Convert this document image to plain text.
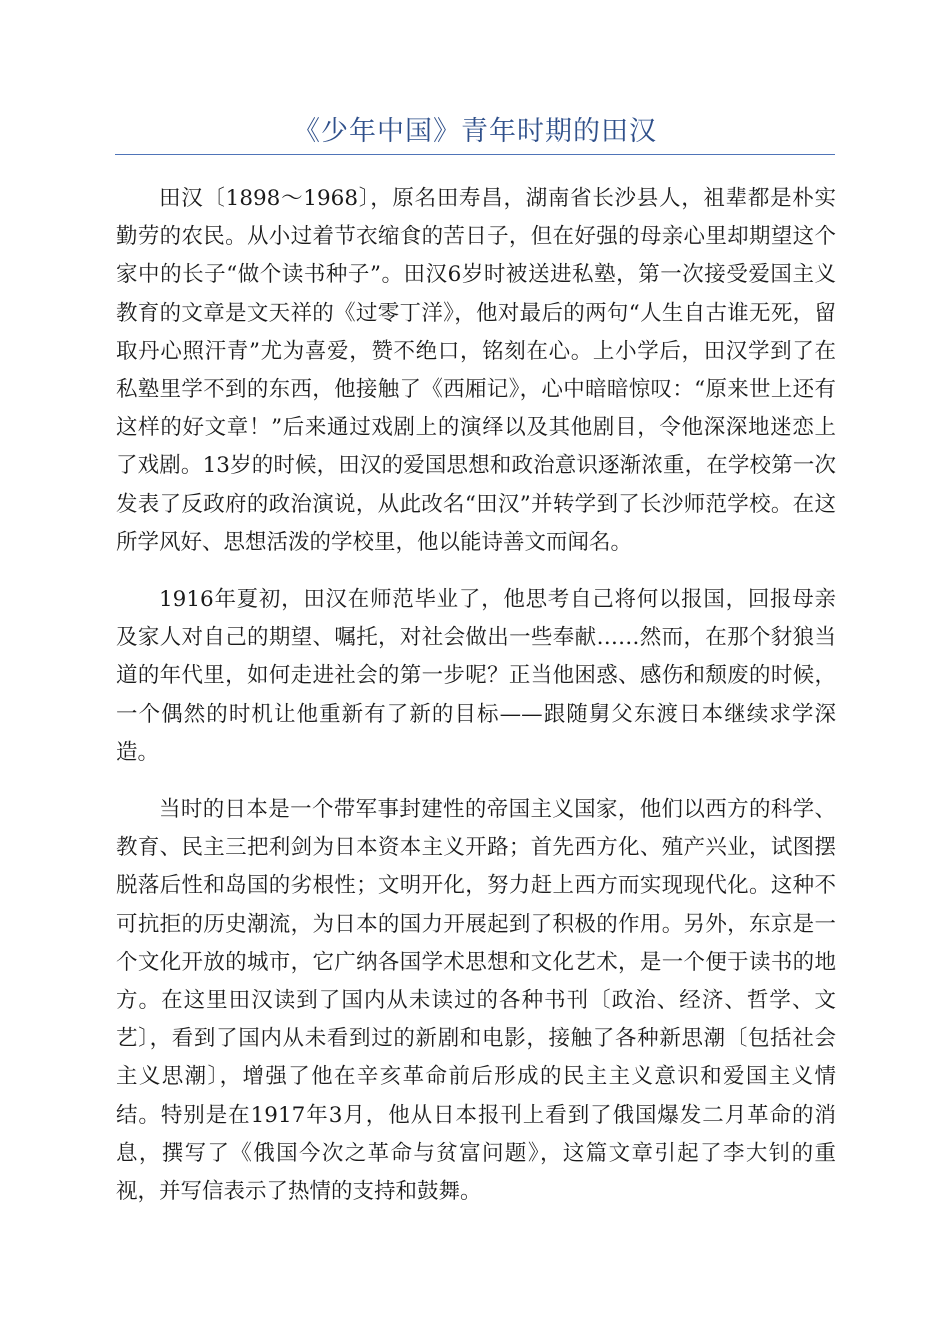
《少年中国》青年时期的田汉

田汉〔1898～1968〕，原名田寿昌，湖南省长沙县人，祖辈都是朴实勤劳的农民。从小过着节衣缩食的苦日子，但在好强的母亲心里却期望这个家中的长子“做个读书种子”。田汉6岁时被送进私塾，第一次接受爱国主义教育的文章是文天祥的《过零丁洋》，他对最后的两句“人生自古谁无死，留取丹心照汗青”尤为喜爱，赞不绝口，铭刻在心。上小学后，田汉学到了在私塾里学不到的东西，他接触了《西厢记》，心中暗暗惊叹：“原来世上还有这样的好文章！”后来通过戏剧上的演绎以及其他剧目，令他深深地迷恋上了戏剧。13岁的时候，田汉的爱国思想和政治意识逐渐浓重，在学校第一次发表了反政府的政治演说，从此改名“田汉”并转学到了长沙师范学校。在这所学风好、思想活泼的学校里，他以能诗善文而闻名。

1916年夏初，田汉在师范毕业了，他思考自己将何以报国，回报母亲及家人对自己的期望、嘱托，对社会做出一些奉献……然而，在那个豺狼当道的年代里，如何走进社会的第一步呢？正当他困惑、感伤和颓废的时候，一个偶然的时机让他重新有了新的目标——跟随舅父东渡日本继续求学深造。

当时的日本是一个带军事封建性的帝国主义国家，他们以西方的科学、教育、民主三把利剑为日本资本主义开路；首先西方化、殖产兴业，试图摆脱落后性和岛国的劣根性；文明开化，努力赶上西方而实现现代化。这种不可抗拒的历史潮流，为日本的国力开展起到了积极的作用。另外，东京是一个文化开放的城市，它广纳各国学术思想和文化艺术，是一个便于读书的地方。在这里田汉读到了国内从未读过的各种书刊〔政治、经济、哲学、文艺〕，看到了国内从未看到过的新剧和电影，接触了各种新思潮〔包括社会主义思潮〕，增强了他在辛亥革命前后形成的民主主义意识和爱国主义情结。特别是在1917年3月，他从日本报刊上看到了俄国爆发二月革命的消息，撰写了《俄国今次之革命与贫富问题》，这篇文章引起了李大钊的重视，并写信表示了热情的支持和鼓舞。
